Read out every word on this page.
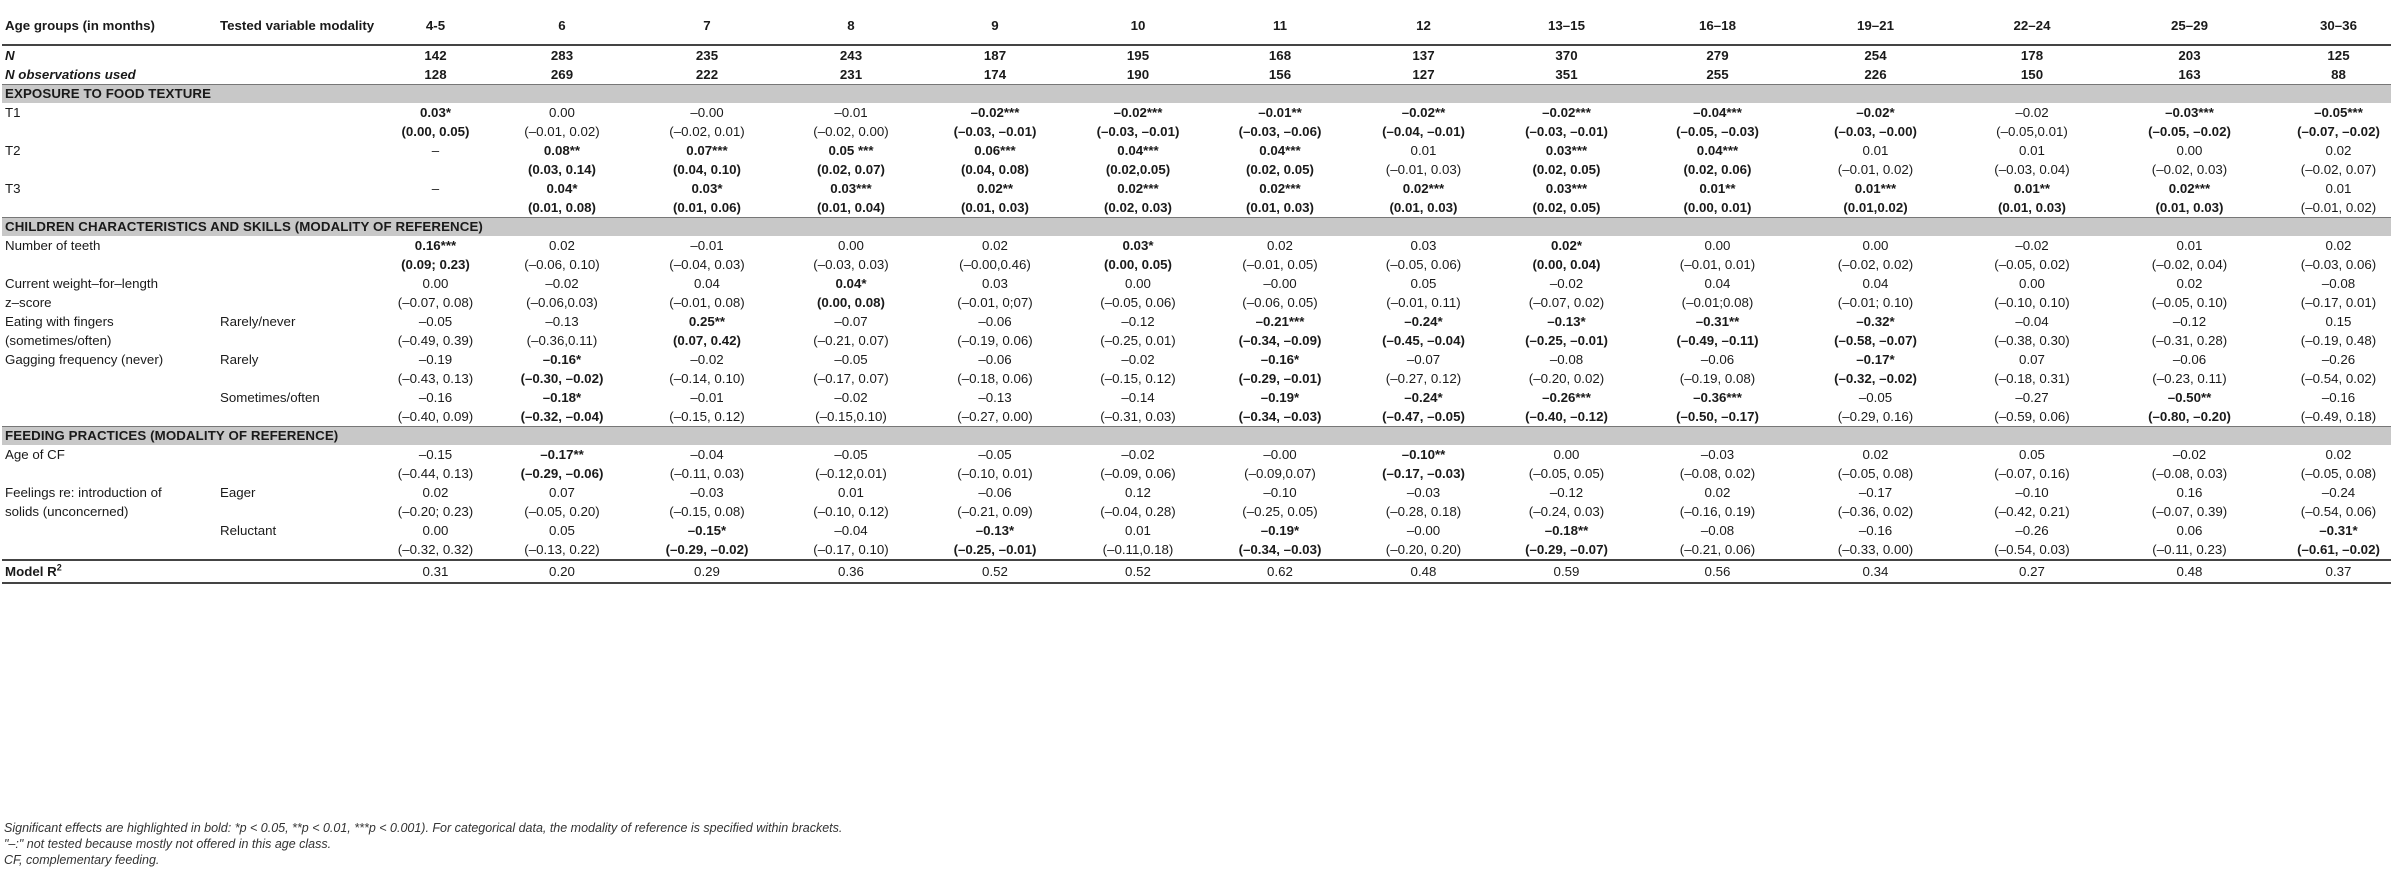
Age groups (in months)	Tested variable modality	4-5	6	7	8	9	10	11	12	13–15	16–18	19–21	22–24	25–29	30–36
N		142	283	235	243	187	195	168	137	370	279	254	178	203	125
N observations used		128	269	222	231	174	190	156	127	351	255	226	150	163	88
EXPOSURE TO FOOD TEXTURE															
T1		0.03*	0.00	–0.00	–0.01	–0.02***	–0.02***	–0.01**	–0.02**	–0.02***	–0.04***	–0.02*	–0.02	–0.03***	–0.05***
		(0.00, 0.05)	(–0.01, 0.02)	(–0.02, 0.01)	(–0.02, 0.00)	(–0.03, –0.01)	(–0.03, –0.01)	(–0.03, –0.06)	(–0.04, –0.01)	(–0.03, –0.01)	(–0.05, –0.03)	(–0.03, –0.00)	(–0.05,0.01)	(–0.05, –0.02)	(–0.07, –0.02)
T2		–	0.08**	0.07***	0.05 ***	0.06***	0.04***	0.04***	0.01	0.03***	0.04***	0.01	0.01	0.00	0.02
			(0.03, 0.14)	(0.04, 0.10)	(0.02, 0.07)	(0.04, 0.08)	(0.02,0.05)	(0.02, 0.05)	(–0.01, 0.03)	(0.02, 0.05)	(0.02, 0.06)	(–0.01, 0.02)	(–0.03, 0.04)	(–0.02, 0.03)	(–0.02, 0.07)
T3		–	0.04*	0.03*	0.03***	0.02**	0.02***	0.02***	0.02***	0.03***	0.01**	0.01***	0.01**	0.02***	0.01
			(0.01, 0.08)	(0.01, 0.06)	(0.01, 0.04)	(0.01, 0.03)	(0.02, 0.03)	(0.01, 0.03)	(0.01, 0.03)	(0.02, 0.05)	(0.00, 0.01)	(0.01,0.02)	(0.01, 0.03)	(0.01, 0.03)	(–0.01, 0.02)
CHILDREN CHARACTERISTICS AND SKILLS (MODALITY OF REFERENCE)															
Number of teeth		0.16***	0.02	–0.01	0.00	0.02	0.03*	0.02	0.03	0.02*	0.00	0.00	–0.02	0.01	0.02
		(0.09; 0.23)	(–0.06, 0.10)	(–0.04, 0.03)	(–0.03, 0.03)	(–0.00,0.46)	(0.00, 0.05)	(–0.01, 0.05)	(–0.05, 0.06)	(0.00, 0.04)	(–0.01, 0.01)	(–0.02, 0.02)	(–0.05, 0.02)	(–0.02, 0.04)	(–0.03, 0.06)
Current weight–for–length		0.00	–0.02	0.04	0.04*	0.03	0.00	–0.00	0.05	–0.02	0.04	0.04	0.00	0.02	–0.08
z–score		(–0.07, 0.08)	(–0.06,0.03)	(–0.01, 0.08)	(0.00, 0.08)	(–0.01, 0;07)	(–0.05, 0.06)	(–0.06, 0.05)	(–0.01, 0.11)	(–0.07, 0.02)	(–0.01;0.08)	(–0.01; 0.10)	(–0.10, 0.10)	(–0.05, 0.10)	(–0.17, 0.01)
Eating with fingers	Rarely/never	–0.05	–0.13	0.25**	–0.07	–0.06	–0.12	–0.21***	–0.24*	–0.13*	–0.31**	–0.32*	–0.04	–0.12	0.15
(sometimes/often)		(–0.49, 0.39)	(–0.36,0.11)	(0.07, 0.42)	(–0.21, 0.07)	(–0.19, 0.06)	(–0.25, 0.01)	(–0.34, –0.09)	(–0.45, –0.04)	(–0.25, –0.01)	(–0.49, –0.11)	(–0.58, –0.07)	(–0.38, 0.30)	(–0.31, 0.28)	(–0.19, 0.48)
Gagging frequency (never)	Rarely	–0.19	–0.16*	–0.02	–0.05	–0.06	–0.02	–0.16*	–0.07	–0.08	–0.06	–0.17*	0.07	–0.06	–0.26
		(–0.43, 0.13)	(–0.30, –0.02)	(–0.14, 0.10)	(–0.17, 0.07)	(–0.18, 0.06)	(–0.15, 0.12)	(–0.29, –0.01)	(–0.27, 0.12)	(–0.20, 0.02)	(–0.19, 0.08)	(–0.32, –0.02)	(–0.18, 0.31)	(–0.23, 0.11)	(–0.54, 0.02)
	Sometimes/often	–0.16	–0.18*	–0.01	–0.02	–0.13	–0.14	–0.19*	–0.24*	–0.26***	–0.36***	–0.05	–0.27	–0.50**	–0.16
		(–0.40, 0.09)	(–0.32, –0.04)	(–0.15, 0.12)	(–0.15,0.10)	(–0.27, 0.00)	(–0.31, 0.03)	(–0.34, –0.03)	(–0.47, –0.05)	(–0.40, –0.12)	(–0.50, –0.17)	(–0.29, 0.16)	(–0.59, 0.06)	(–0.80, –0.20)	(–0.49, 0.18)
FEEDING PRACTICES (MODALITY OF REFERENCE)															
Age of CF		–0.15	–0.17**	–0.04	–0.05	–0.05	–0.02	–0.00	–0.10**	0.00	–0.03	0.02	0.05	–0.02	0.02
		(–0.44, 0.13)	(–0.29, –0.06)	(–0.11, 0.03)	(–0.12,0.01)	(–0.10, 0.01)	(–0.09, 0.06)	(–0.09,0.07)	(–0.17, –0.03)	(–0.05, 0.05)	(–0.08, 0.02)	(–0.05, 0.08)	(–0.07, 0.16)	(–0.08, 0.03)	(–0.05, 0.08)
Feelings re: introduction of	Eager	0.02	0.07	–0.03	0.01	–0.06	0.12	–0.10	–0.03	–0.12	0.02	–0.17	–0.10	0.16	–0.24
solids (unconcerned)		(–0.20; 0.23)	(–0.05, 0.20)	(–0.15, 0.08)	(–0.10, 0.12)	(–0.21, 0.09)	(–0.04, 0.28)	(–0.25, 0.05)	(–0.28, 0.18)	(–0.24, 0.03)	(–0.16, 0.19)	(–0.36, 0.02)	(–0.42, 0.21)	(–0.07, 0.39)	(–0.54, 0.06)
	Reluctant	0.00	0.05	–0.15*	–0.04	–0.13*	0.01	–0.19*	–0.00	–0.18**	–0.08	–0.16	–0.26	0.06	–0.31*
		(–0.32, 0.32)	(–0.13, 0.22)	(–0.29, –0.02)	(–0.17, 0.10)	(–0.25, –0.01)	(–0.11,0.18)	(–0.34, –0.03)	(–0.20, 0.20)	(–0.29, –0.07)	(–0.21, 0.06)	(–0.33, 0.00)	(–0.54, 0.03)	(–0.11, 0.23)	(–0.61, –0.02)
Model $R^2$		0.31	0.20	0.29	0.36	0.52	0.52	0.62	0.48	0.59	0.56	0.34	0.27	0.48	0.37
Significant effects are highlighted in bold: *p < 0.05, **p < 0.01, ***p < 0.001). For categorical data, the modality of reference is specified within brackets.
"–:" not tested because mostly not offered in this age class.
CF, complementary feeding.
